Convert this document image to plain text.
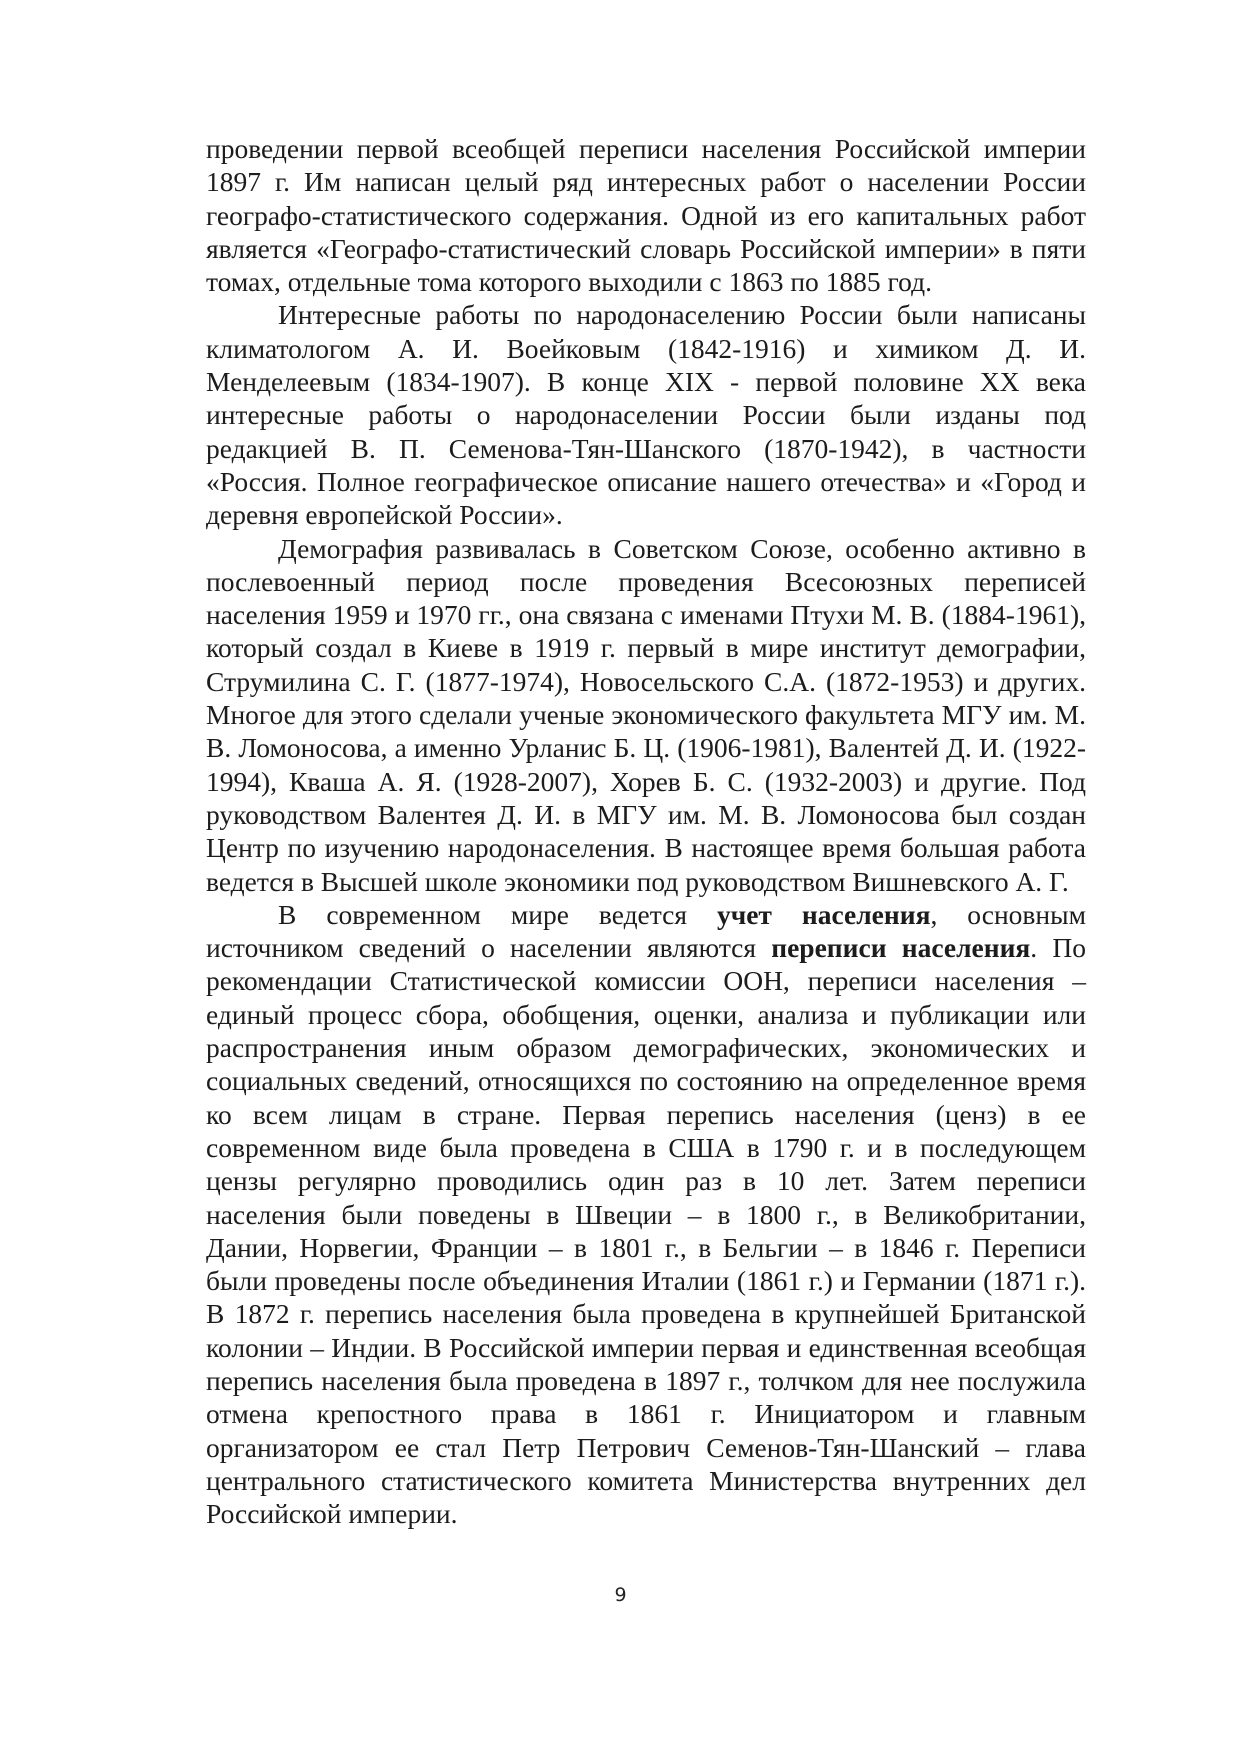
проведении первой всеобщей переписи населения Российской империи 1897 г. Им написан целый ряд интересных работ о населении России географо-статистического содержания. Одной из его капитальных работ является «Географо-статистический словарь Российской империи» в пяти томах, отдельные тома которого выходили с 1863 по 1885 год.

Интересные работы по народонаселению России были написаны климатологом А. И. Воейковым (1842-1916) и химиком Д. И. Менделеевым (1834-1907). В конце XIX - первой половине XX века интересные работы о народонаселении России были изданы под редакцией В. П. Семенова-Тян-Шанского (1870-1942), в частности «Россия. Полное географическое описание нашего отечества» и «Город и деревня европейской России».

Демография развивалась в Советском Союзе, особенно активно в послевоенный период после проведения Всесоюзных переписей населения 1959 и 1970 гг., она связана с именами Птухи М. В. (1884-1961), который создал в Киеве в 1919 г. первый в мире институт демографии, Струмилина С. Г. (1877-1974), Новосельского С.А. (1872-1953) и других. Многое для этого сделали ученые экономического факультета МГУ им. М. В. Ломоносова, а именно Урланис Б. Ц. (1906-1981), Валентей Д. И. (1922-1994), Кваша А. Я. (1928-2007), Хорев Б. С. (1932-2003) и другие. Под руководством Валентея Д. И. в МГУ им. М. В. Ломоносова был создан Центр по изучению народонаселения. В настоящее время большая работа ведется в Высшей школе экономики под руководством Вишневского А. Г.

В современном мире ведется учет населения, основным источником сведений о населении являются переписи населения. По рекомендации Статистической комиссии ООН, переписи населения – единый процесс сбора, обобщения, оценки, анализа и публикации или распространения иным образом демографических, экономических и социальных сведений, относящихся по состоянию на определенное время ко всем лицам в стране. Первая перепись населения (ценз) в ее современном виде была проведена в США в 1790 г. и в последующем цензы регулярно проводились один раз в 10 лет. Затем переписи населения были поведены в Швеции – в 1800 г., в Великобритании, Дании, Норвегии, Франции – в 1801 г., в Бельгии – в 1846 г. Переписи были проведены после объединения Италии (1861 г.) и Германии (1871 г.). В 1872 г. перепись населения была проведена в крупнейшей Британской колонии – Индии. В Российской империи первая и единственная всеобщая перепись населения была проведена в 1897 г., толчком для нее послужила отмена крепостного права в 1861 г. Инициатором и главным организатором ее стал Петр Петрович Семенов-Тян-Шанский – глава центрального статистического комитета Министерства внутренних дел Российской империи.

9
